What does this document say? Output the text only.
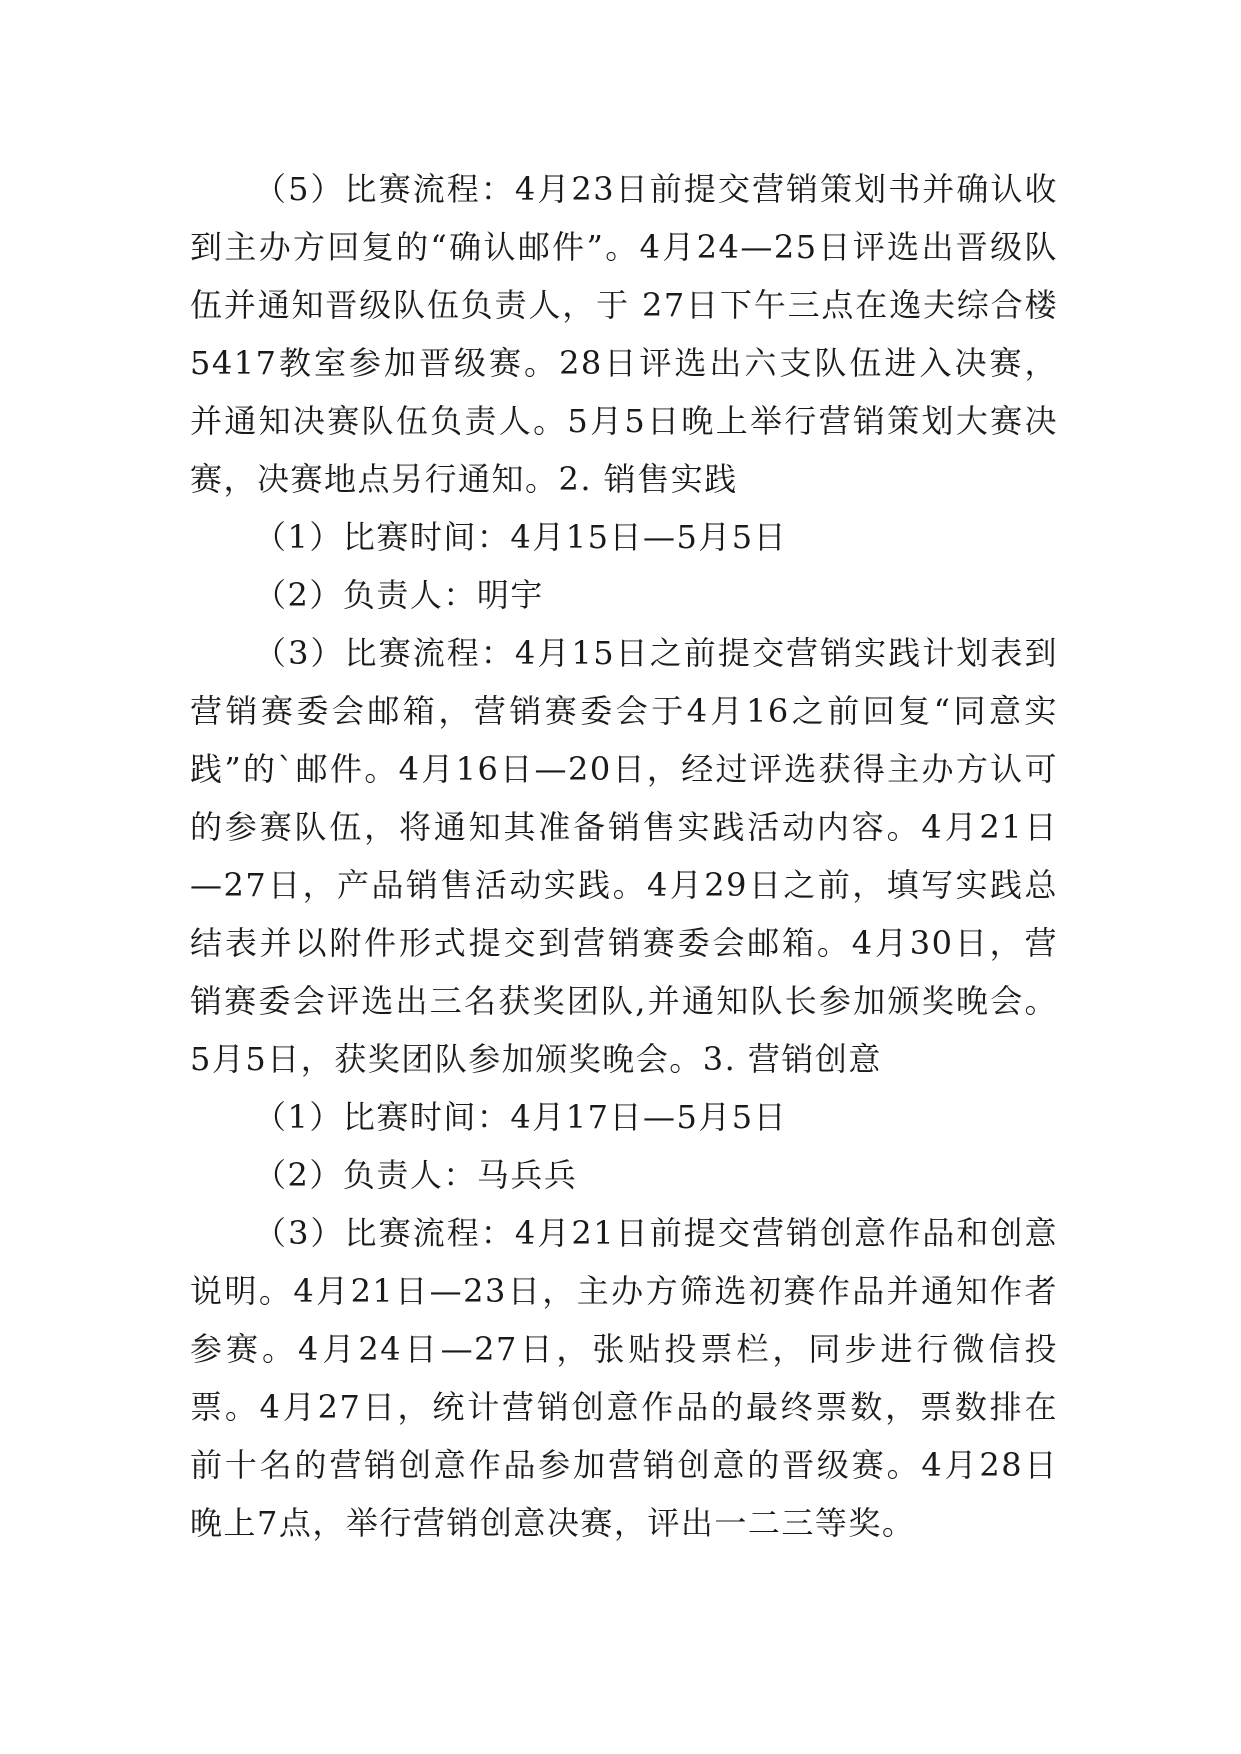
（5）比赛流程：4月23日前提交营销策划书并确认收到主办方回复的“确认邮件”。4月24—25日评选出晋级队伍并通知晋级队伍负责人，于 27日下午三点在逸夫综合楼5417教室参加晋级赛。28日评选出六支队伍进入决赛，并通知决赛队伍负责人。5月5日晚上举行营销策划大赛决赛，决赛地点另行通知。2. 销售实践

（1）比赛时间：4月15日—5月5日

（2）负责人：明宇

（3）比赛流程：4月15日之前提交营销实践计划表到营销赛委会邮箱，营销赛委会于4月16之前回复“同意实践”的`邮件。4月16日—20日，经过评选获得主办方认可的参赛队伍，将通知其准备销售实践活动内容。4月21日—27日，产品销售活动实践。4月29日之前，填写实践总结表并以附件形式提交到营销赛委会邮箱。4月30日，营销赛委会评选出三名获奖团队,并通知队长参加颁奖晚会。5月5日，获奖团队参加颁奖晚会。3. 营销创意

（1）比赛时间：4月17日—5月5日

（2）负责人：马兵兵

（3）比赛流程：4月21日前提交营销创意作品和创意说明。4月21日—23日，主办方筛选初赛作品并通知作者参赛。4月24日—27日，张贴投票栏，同步进行微信投票。4月27日，统计营销创意作品的最终票数，票数排在前十名的营销创意作品参加营销创意的晋级赛。4月28日晚上7点，举行营销创意决赛，评出一二三等奖。
